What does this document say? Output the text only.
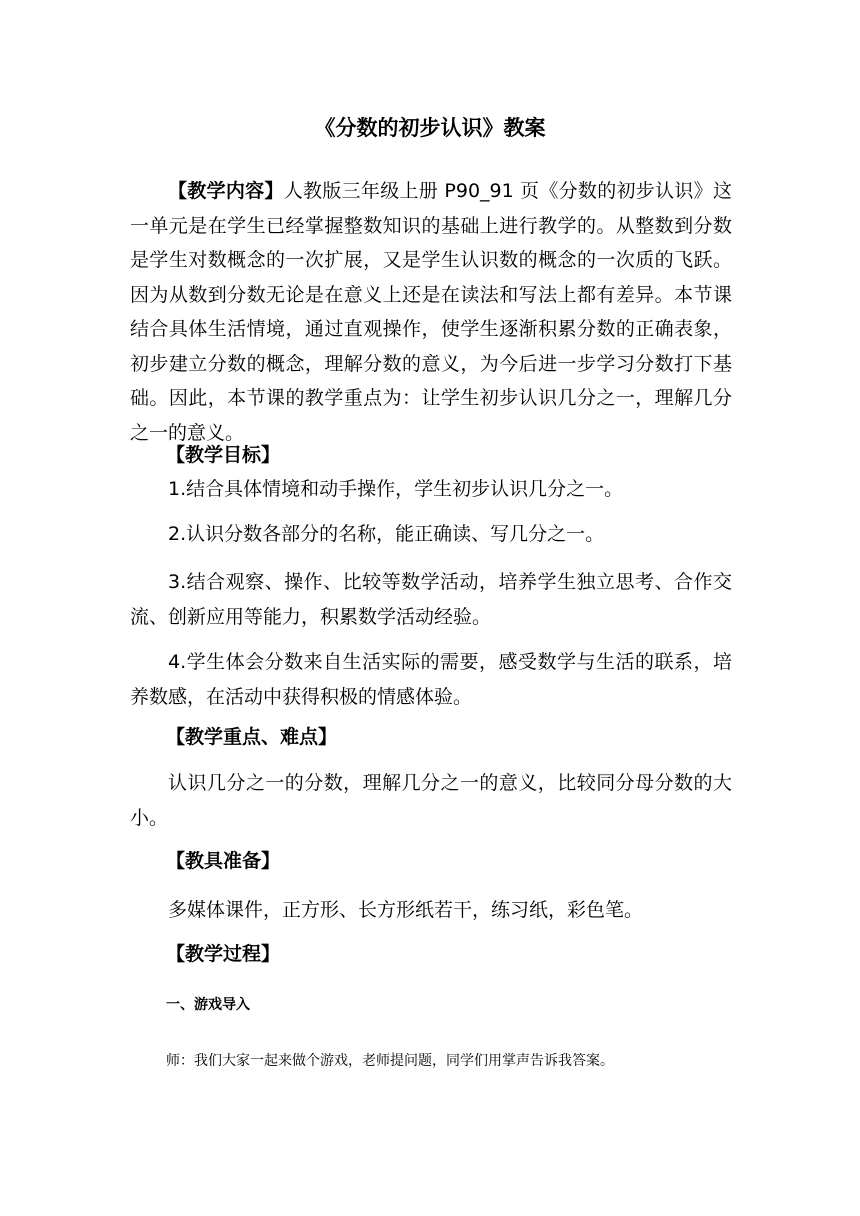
《分数的初步认识》教案

【教学内容】人教版三年级上册 P90_91 页《分数的初步认识》这一单元是在学生已经掌握整数知识的基础上进行教学的。从整数到分数是学生对数概念的一次扩展，又是学生认识数的概念的一次质的飞跃。因为从数到分数无论是在意义上还是在读法和写法上都有差异。本节课结合具体生活情境，通过直观操作，使学生逐渐积累分数的正确表象，初步建立分数的概念，理解分数的意义，为今后进一步学习分数打下基础。因此，本节课的教学重点为：让学生初步认识几分之一，理解几分之一的意义。

【教学目标】

1.结合具体情境和动手操作，学生初步认识几分之一。

2.认识分数各部分的名称，能正确读、写几分之一。

3.结合观察、操作、比较等数学活动，培养学生独立思考、合作交流、创新应用等能力，积累数学活动经验。

4.学生体会分数来自生活实际的需要，感受数学与生活的联系，培养数感，在活动中获得积极的情感体验。

【教学重点、难点】

认识几分之一的分数，理解几分之一的意义，比较同分母分数的大小。

【教具准备】

多媒体课件，正方形、长方形纸若干，练习纸，彩色笔。

【教学过程】
一、游戏导入
师：我们大家一起来做个游戏，老师提问题，同学们用掌声告诉我答案。
